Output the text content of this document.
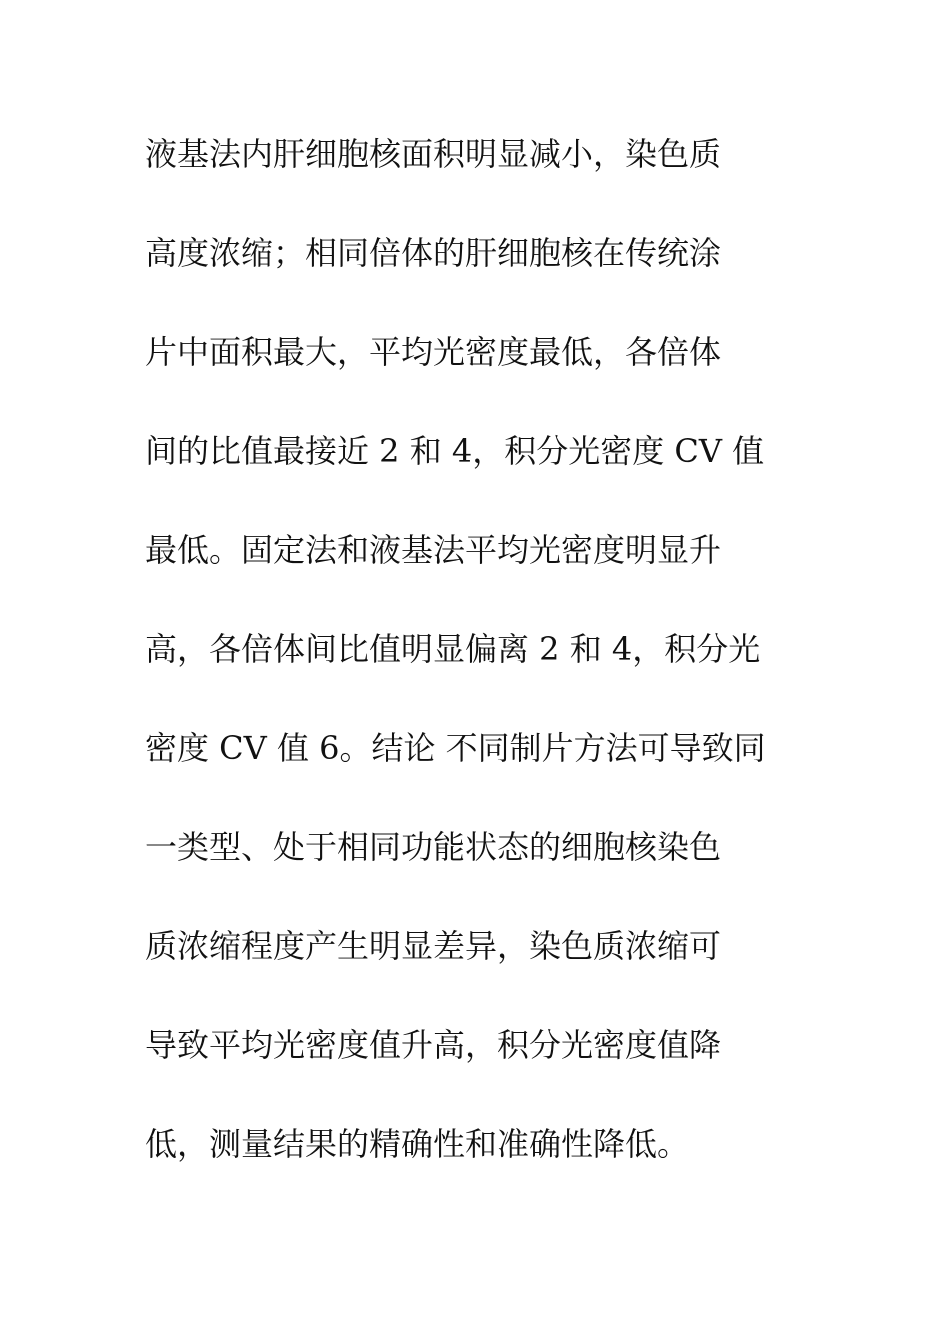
液基法内肝细胞核面积明显减小，染色质
高度浓缩；相同倍体的肝细胞核在传统涂
片中面积最大，平均光密度最低，各倍体
间的比值最接近 2 和 4，积分光密度 CV 值
最低。固定法和液基法平均光密度明显升
高，各倍体间比值明显偏离 2 和 4，积分光
密度 CV 值 6。结论 不同制片方法可导致同
一类型、处于相同功能状态的细胞核染色
质浓缩程度产生明显差异，染色质浓缩可
导致平均光密度值升高，积分光密度值降
低，测量结果的精确性和准确性降低。
